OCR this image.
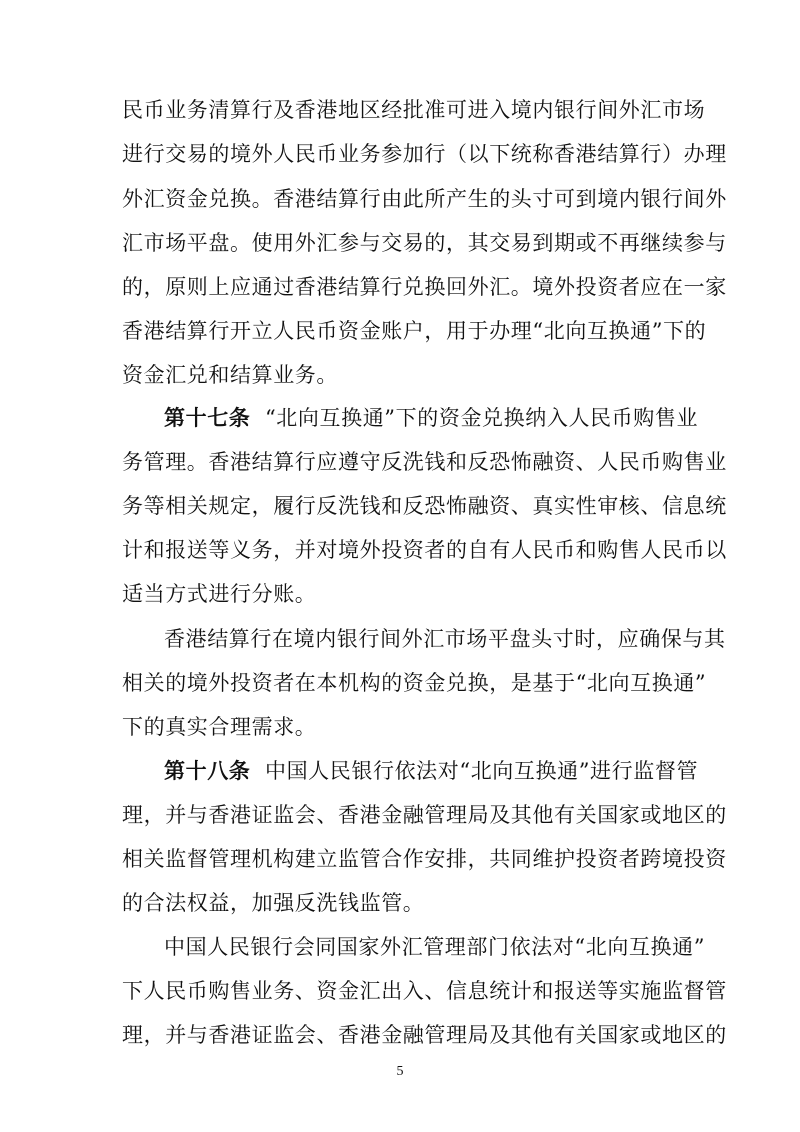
民币业务清算行及香港地区经批准可进入境内银行间外汇市场
进行交易的境外人民币业务参加行（以下统称香港结算行）办理
外汇资金兑换。香港结算行由此所产生的头寸可到境内银行间外
汇市场平盘。使用外汇参与交易的，其交易到期或不再继续参与
的，原则上应通过香港结算行兑换回外汇。境外投资者应在一家
香港结算行开立人民币资金账户，用于办理“北向互换通”下的
资金汇兑和结算业务。
第十七条 “北向互换通”下的资金兑换纳入人民币购售业
务管理。香港结算行应遵守反洗钱和反恐怖融资、人民币购售业
务等相关规定，履行反洗钱和反恐怖融资、真实性审核、信息统
计和报送等义务，并对境外投资者的自有人民币和购售人民币以
适当方式进行分账。
香港结算行在境内银行间外汇市场平盘头寸时，应确保与其
相关的境外投资者在本机构的资金兑换，是基于“北向互换通”
下的真实合理需求。
第十八条 中国人民银行依法对“北向互换通”进行监督管
理，并与香港证监会、香港金融管理局及其他有关国家或地区的
相关监督管理机构建立监管合作安排，共同维护投资者跨境投资
的合法权益，加强反洗钱监管。
中国人民银行会同国家外汇管理部门依法对“北向互换通”
下人民币购售业务、资金汇出入、信息统计和报送等实施监督管
理，并与香港证监会、香港金融管理局及其他有关国家或地区的
5
